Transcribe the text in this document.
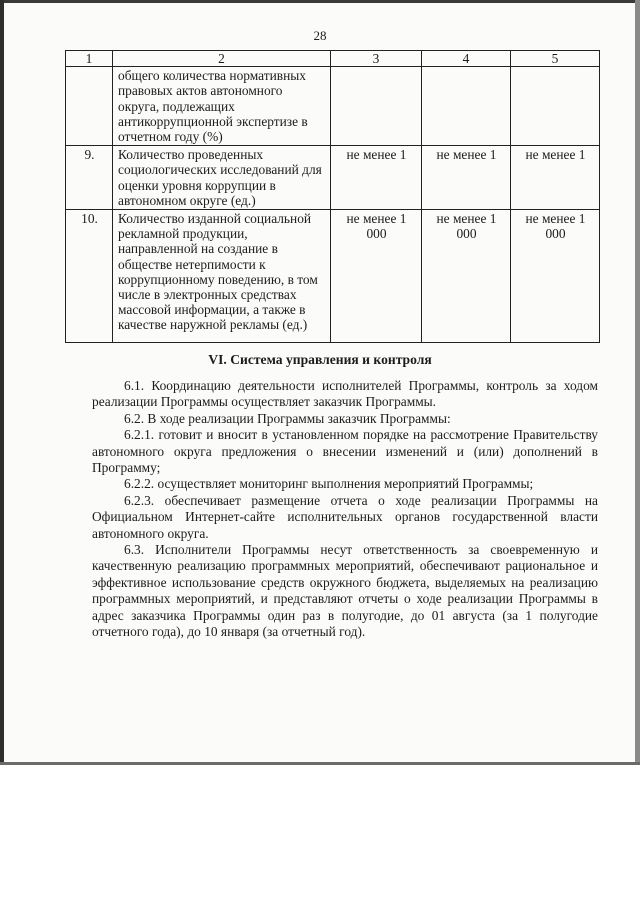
28
1	2	3	4	5
	общего количества нормативных правовых актов автономного округа, подлежащих антикоррупционной экспертизе в отчетном году (%)			
9.	Количество проведенных социологических исследований для оценки уровня коррупции в автономном округе (ед.)	не менее 1	не менее 1	не менее 1
10.	Количество изданной социальной рекламной продукции, направленной на создание в обществе нетерпимости к коррупционному поведению, в том числе в электронных средствах массовой информации, а также в качестве наружной рекламы (ед.)	не менее 1 000	не менее 1 000	не менее 1 000
VI. Система управления и контроля

6.1. Координацию деятельности исполнителей Программы, контроль за ходом реализации Программы осуществляет заказчик Программы.

6.2. В ходе реализации Программы заказчик Программы:

6.2.1. готовит и вносит в установленном порядке на рассмотрение Правительству автономного округа предложения о внесении изменений и (или) дополнений в Программу;

6.2.2. осуществляет мониторинг выполнения мероприятий Программы;

6.2.3. обеспечивает размещение отчета о ходе реализации Программы на Официальном Интернет-сайте исполнительных органов государственной власти автономного округа.

6.3. Исполнители Программы несут ответственность за своевременную и качественную реализацию программных мероприятий, обеспечивают рациональное и эффективное использование средств окружного бюджета, выделяемых на реализацию программных мероприятий, и представляют отчеты о ходе реализации Программы в адрес заказчика Программы один раз в полугодие, до 01 августа (за 1 полугодие отчетного года), до 10 января (за отчетный год).
